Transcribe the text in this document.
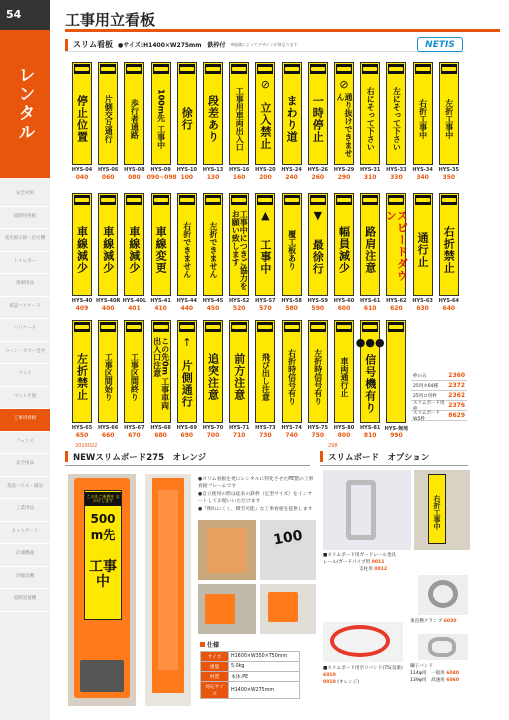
54
レンタル
安全対策
規制用看板
電光掲示板・信号機
トイレカー
現場用品
仮設バリケード
バリケード
コーン・カラー巻き
マット
マットそ他
工事用看板
フェンス
安全用品
仮設ハウス・備品
工業用品
ネットゲート
計測機器
冷暖房機
道路設置機
工事用立看板
スリム看板 ●サイズ:H1400×W275mm　鉄枠付 ※地域によってデザインが異なります	NETIS
停止位置
HYS-04
040
片側交互通行
HYS-06
060
歩行者通路
HYS-08
080
100m先 工事中
HYS-09
090~098
徐行
HYS-10
100
段差あり
HYS-13
130
工事用車両出入口
HYS-16
160
⊘
立入禁止
HYS-20
200
まわり道
HYS-24
240
一時停止
HYS-26
260
⊘
通り抜けできません
HYS-29
290
右にそって下さい
HYS-31
310
左にそって下さい
HYS-33
330
右折工事中
HYS-34
340
左折工事中
HYS-35
350
車線減少
HYS-40
409
車線減少
HYS-40R
400
車線減少
HYS-40L
401
車線変更
HYS-41
410
右折できません
HYS-44
440
左折できません
HYS-45
450
工事中につきご協力をお願い致します
HYS-52
520
▲
工事中
HYS-57
570
覆工板あり
HYS-58
580
▼
最徐行
HYS-59
590
幅員減少
HYS-60
600
路肩注意
HYS-61
610
スピードダウン
HYS-62
620
通行止
HYS-63
630
右折禁止
HYS-64
640
左折禁止
HYS-65
650
工事区間始り
HYS-66
660
工事区間終り
HYS-67
670
この先0m 工事車両出入口注意
HYS-68
680
↑
片側通行
HYS-69
690
追突注意
HYS-70
700
前方注意
HYS-71
710
飛び出し注意
HYS-73
730
右折時信号有り
HYS-74
740
左折時信号有り
HYS-75
750
車両通行止
HYS-80
800
●●●
信号機有り
HYS-81
810
HYS-無地
990
枠のみ	2360
25用ネ64種 2372
25用ロ用枠 2362
スリムボード用枠	2376
スリムボード W5枠	8629
2010022
NEWスリムボード275　オレンジ
この先ご迷惑を おかけします
500 m先
工事中
●スリム看板を更にレンタルに特化させたPE製の工事看板フレームです
●自立使用の際は従来の鉄枠（定型サイズ）をインサートしてお使いいただけます
●『倒れにくく、積雪可能』な工事看板を提供します
100
仕様
サイズ	H1600×W350×T50mm
重量	5.0kg
材質	本体:PE
対応サイズ	H1400×W275mm
298
スリムボード　オプション
右折工事中
■スリムボード用ガードレール金具
レール/ガードパイプ用 0011
支柱用 0012
垂直横クランプ 6030
■スリムボード用ポリバンド(75(気楽)
6010
0019 (オレンジ)
鋼子バンド
114φ用　一般用 6040
139φ用　高速用 6060
